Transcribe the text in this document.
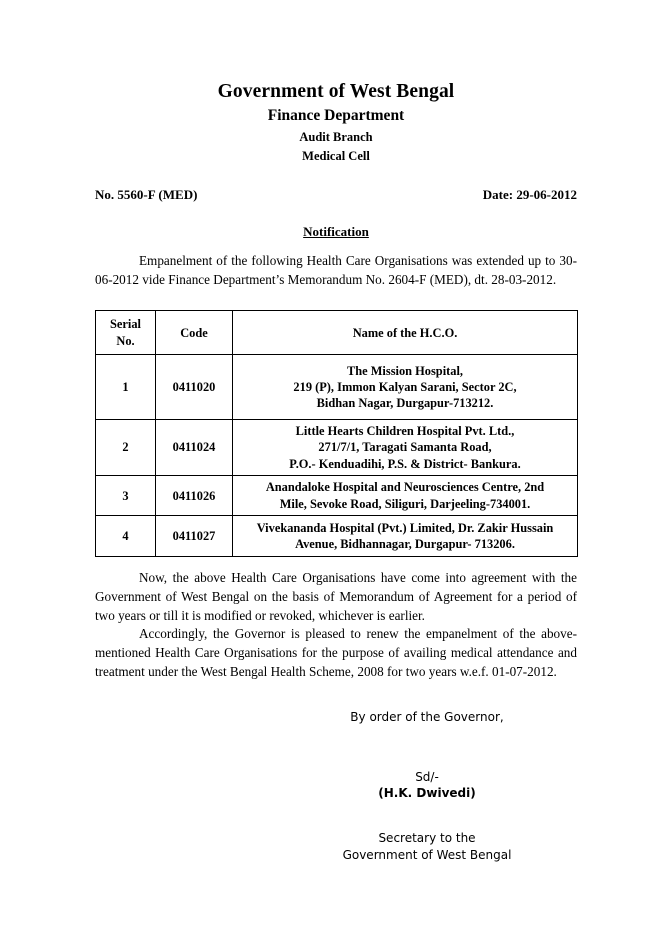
Government of West Bengal
Finance Department
Audit Branch
Medical Cell
No. 5560-F (MED)	Date: 29-06-2012
Notification
Empanelment of the following Health Care Organisations was extended up to 30-06-2012 vide Finance Department’s Memorandum No. 2604-F (MED), dt. 28-03-2012.
Serial No.	Code	Name of the H.C.O.
1	0411020	The Mission Hospital,
219 (P), Immon Kalyan Sarani, Sector 2C,
Bidhan Nagar, Durgapur-713212.

2	0411024	Little Hearts Children Hospital Pvt. Ltd.,
271/7/1, Taragati Samanta Road,
P.O.- Kenduadihi, P.S. & District- Bankura.

3	0411026	Anandaloke Hospital and Neurosciences Centre, 2nd
Mile, Sevoke Road, Siliguri, Darjeeling-734001.

4	0411027	Vivekananda Hospital (Pvt.) Limited, Dr. Zakir Hussain
Avenue, Bidhannagar, Durgapur- 713206.
Now, the above Health Care Organisations have come into agreement with the Government of West Bengal on the basis of Memorandum of Agreement for a period of two years or till it is modified or revoked, whichever is earlier.
Accordingly, the Governor is pleased to renew the empanelment of the above-mentioned Health Care Organisations for the purpose of availing medical attendance and treatment under the West Bengal Health Scheme, 2008 for two years w.e.f. 01-07-2012.
By order of the Governor,
Sd/-
(H.K. Dwivedi)
Secretary to the
Government of West Bengal
